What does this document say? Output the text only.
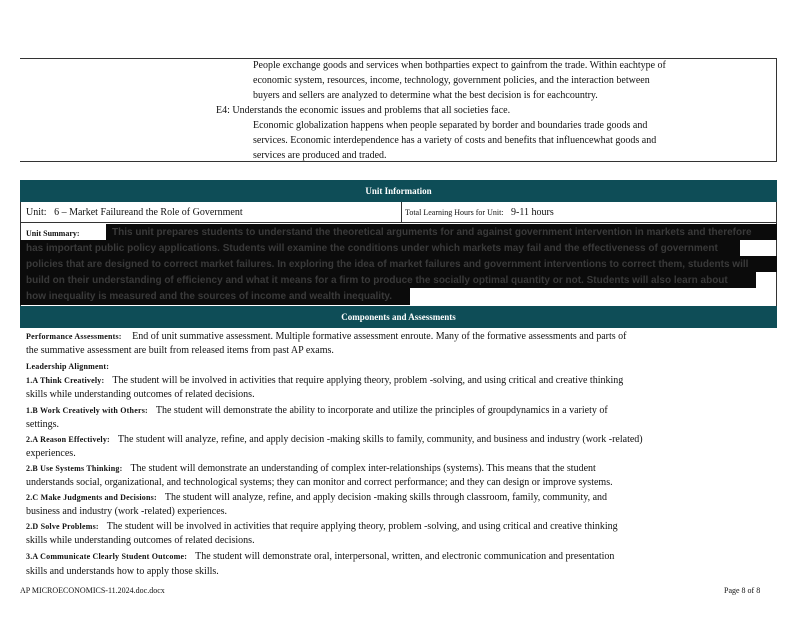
People exchange goods and services when bothparties expect to gainfrom the trade. Within eachtype of
economic system, resources, income, technology, government policies, and the interaction between
buyers and sellers are analyzed to determine what the best decision is for eachcountry.
E4: Understands the economic issues and problems that all societies face.
Economic globalization happens when people separated by border and boundaries trade goods and
services. Economic interdependence has a variety of costs and benefits that influencewhat goods and
services are produced and traded.
Unit Information
Unit: 6 – Market Failureand the Role of Government	Total Learning Hours for Unit: 9-11 hours
Unit Summary:	This unit prepares students to understand the theoretical arguments for and against government intervention in markets and therefore
has important public policy applications. Students will examine the conditions under which markets may fail and the effectiveness of government
policies that are designed to correct market failures. In exploring the idea of market failures and government interventions to correct them, students will
build on their understanding of efficiency and what it means for a firm to produce the socially optimal quantity or not. Students will also learn about
how inequality is measured and the sources of income and wealth inequality.
Components and Assessments
Performance Assessments: End of unit summative assessment. Multiple formative assessment enroute. Many of the formative assessments and parts of
the summative assessment are built from released items from past AP exams.
Leadership Alignment:
1.A Think Creatively: The student will be involved in activities that require applying theory, problem -solving, and using critical and creative thinking
skills while understanding outcomes of related decisions.
1.B Work Creatively with Others: The student will demonstrate the ability to incorporate and utilize the principles of groupdynamics in a variety of
settings.
2.A Reason Effectively: The student will analyze, refine, and apply decision -making skills to family, community, and business and industry (work -related)
experiences.
2.B Use Systems Thinking: The student will demonstrate an understanding of complex inter-relationships (systems). This means that the student
understands social, organizational, and technological systems; they can monitor and correct performance; and they can design or improve systems.
2.C Make Judgments and Decisions: The student will analyze, refine, and apply decision -making skills through classroom, family, community, and
business and industry (work -related) experiences.
2.D Solve Problems: The student will be involved in activities that require applying theory, problem -solving, and using critical and creative thinking
skills while understanding outcomes of related decisions.
3.A Communicate Clearly Student Outcome: The student will demonstrate oral, interpersonal, written, and electronic communication and presentation
skills and understands how to apply those skills.
AP MICROECONOMICS-11.2024.doc.docx	Page 8 of 8
